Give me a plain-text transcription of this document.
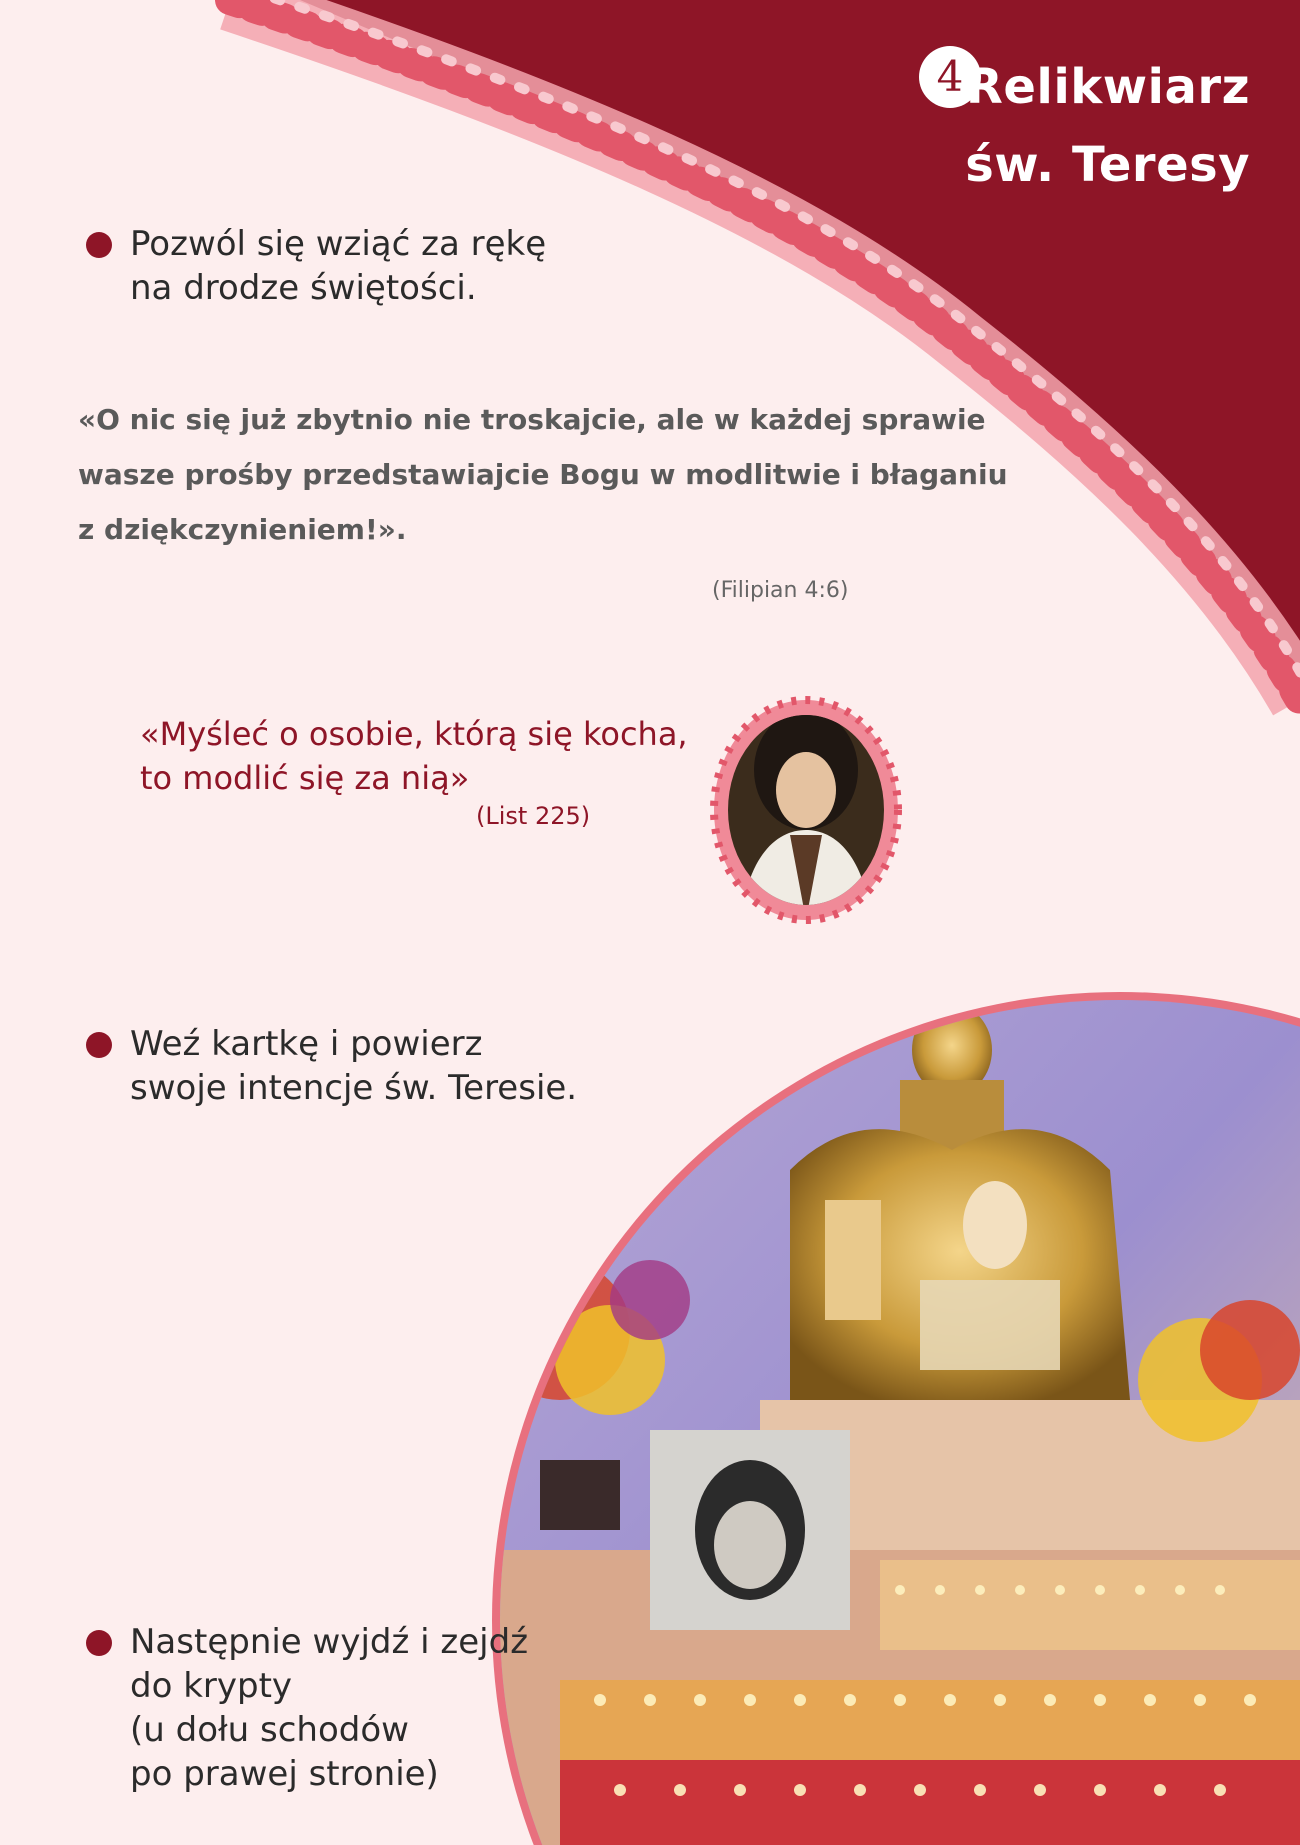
4 Relikwiarz
św. Teresy
Pozwól się wziąć za rękę
na drodze świętości.
«O nic się już zbytnio nie troskajcie, ale w każdej sprawie
wasze prośby przedstawiajcie Bogu w modlitwie i błaganiu
z dziękczynieniem!».
(Filipian 4:6)
«Myśleć o osobie, którą się kocha,
to modlić się za nią»
(List 225)
Weź kartkę i powierz
swoje intencje św. Teresie.
Następnie wyjdź i zejdź
do krypty
(u dołu schodów
po prawej stronie)
